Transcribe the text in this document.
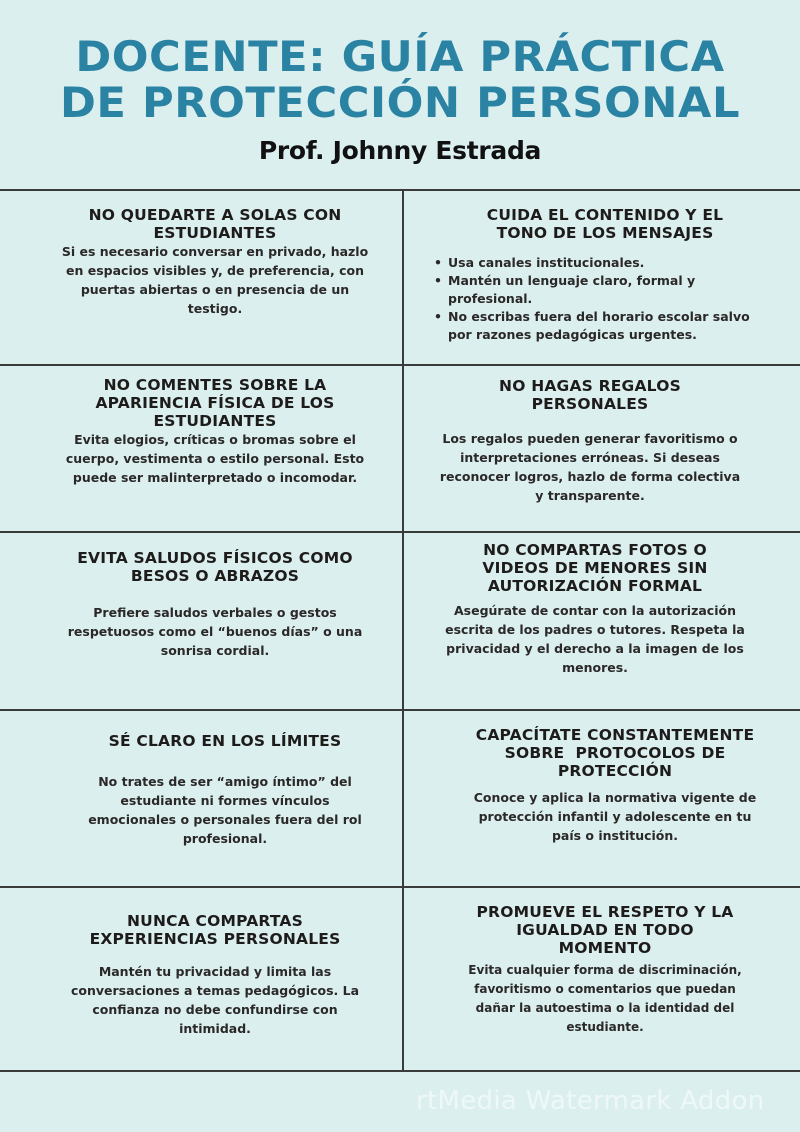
DOCENTE: GUÍA PRÁCTICA
DE PROTECCIÓN PERSONAL
Prof. Johnny Estrada
NO QUEDARTE A SOLAS CON
ESTUDIANTES

Si es necesario conversar en privado, hazlo
en espacios visibles y, de preferencia, con
puertas abiertas o en presencia de un
testigo.

CUIDA EL CONTENIDO Y EL
TONO DE LOS MENSAJES
• Usa canales institucionales.
• Mantén un lenguaje claro, formal y
profesional.
• No escribas fuera del horario escolar salvo
por razones pedagógicas urgentes.
NO COMENTES SOBRE LA
APARIENCIA FÍSICA DE LOS
ESTUDIANTES

Evita elogios, críticas o bromas sobre el
cuerpo, vestimenta o estilo personal. Esto
puede ser malinterpretado o incomodar.

NO HAGAS REGALOS
PERSONALES

Los regalos pueden generar favoritismo o
interpretaciones erróneas. Si deseas
reconocer logros, hazlo de forma colectiva
y transparente.

EVITA SALUDOS FÍSICOS COMO
BESOS O ABRAZOS

Prefiere saludos verbales o gestos
respetuosos como el “buenos días” o una
sonrisa cordial.

NO COMPARTAS FOTOS O
VIDEOS DE MENORES SIN
AUTORIZACIÓN FORMAL

Asegúrate de contar con la autorización
escrita de los padres o tutores. Respeta la
privacidad y el derecho a la imagen de los
menores.

SÉ CLARO EN LOS LÍMITES

No trates de ser “amigo íntimo” del
estudiante ni formes vínculos
emocionales o personales fuera del rol
profesional.

CAPACÍTATE CONSTANTEMENTE
SOBRE  PROTOCOLOS DE
PROTECCIÓN

Conoce y aplica la normativa vigente de
protección infantil y adolescente en tu
país o institución.

NUNCA COMPARTAS
EXPERIENCIAS PERSONALES

Mantén tu privacidad y limita las
conversaciones a temas pedagógicos. La
confianza no debe confundirse con
intimidad.

PROMUEVE EL RESPETO Y LA
IGUALDAD EN TODO
MOMENTO

Evita cualquier forma de discriminación,
favoritismo o comentarios que puedan
dañar la autoestima o la identidad del
estudiante.

rtMedia Watermark Addon
